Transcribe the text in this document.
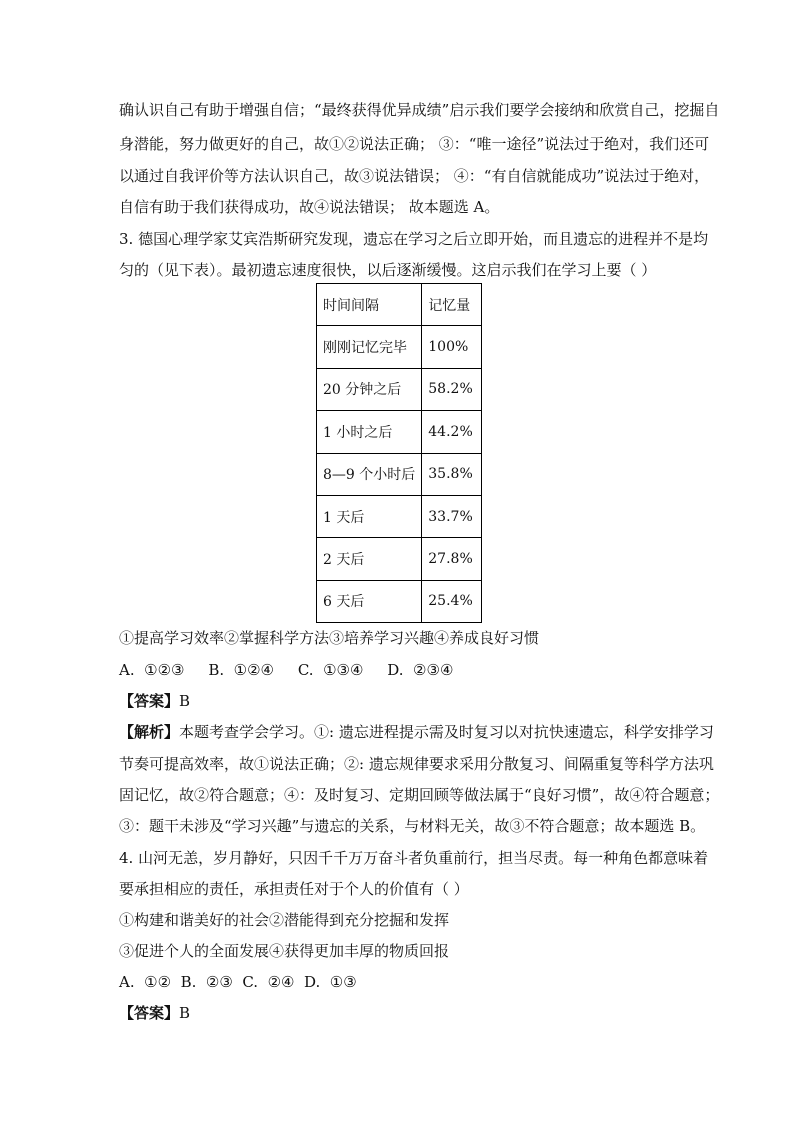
确认识自己有助于增强自信；“最终获得优异成绩”启示我们要学会接纳和欣赏自己，挖掘自
身潜能，努力做更好的自己，故①②说法正确； ③：“唯一途径”说法过于绝对，我们还可
以通过自我评价等方法认识自己，故③说法错误； ④：“有自信就能成功”说法过于绝对，
自信有助于我们获得成功，故④说法错误； 故本题选 A。
3. 德国心理学家艾宾浩斯研究发现，遗忘在学习之后立即开始，而且遗忘的进程并不是均
匀的（见下表）。最初遗忘速度很快，以后逐渐缓慢。这启示我们在学习上要（ ）
时间间隔	记忆量
刚刚记忆完毕	100%
20 分钟之后	58.2%
1 小时之后	44.2%
8—9 个小时后	35.8%
1 天后	33.7%
2 天后	27.8%
6 天后	25.4%
①提高学习效率②掌握科学方法③培养学习兴趣④养成良好习惯
A.  ①②③     B.  ①②④     C.  ①③④     D.  ②③④
【答案】B
【解析】本题考查学会学习。①: 遗忘进程提示需及时复习以对抗快速遗忘，科学安排学习
节奏可提高效率，故①说法正确；②: 遗忘规律要求采用分散复习、间隔重复等科学方法巩
固记忆，故②符合题意；④：及时复习、定期回顾等做法属于“良好习惯”，故④符合题意；
③：题干未涉及“学习兴趣”与遗忘的关系，与材料无关，故③不符合题意；故本题选 B。
4. 山河无恙，岁月静好，只因千千万万奋斗者负重前行，担当尽责。每一种角色都意味着
要承担相应的责任，承担责任对于个人的价值有（ ）
①构建和谐美好的社会②潜能得到充分挖掘和发挥
③促进个人的全面发展④获得更加丰厚的物质回报
A.  ①②  B.  ②③  C.  ②④  D.  ①③
【答案】B
